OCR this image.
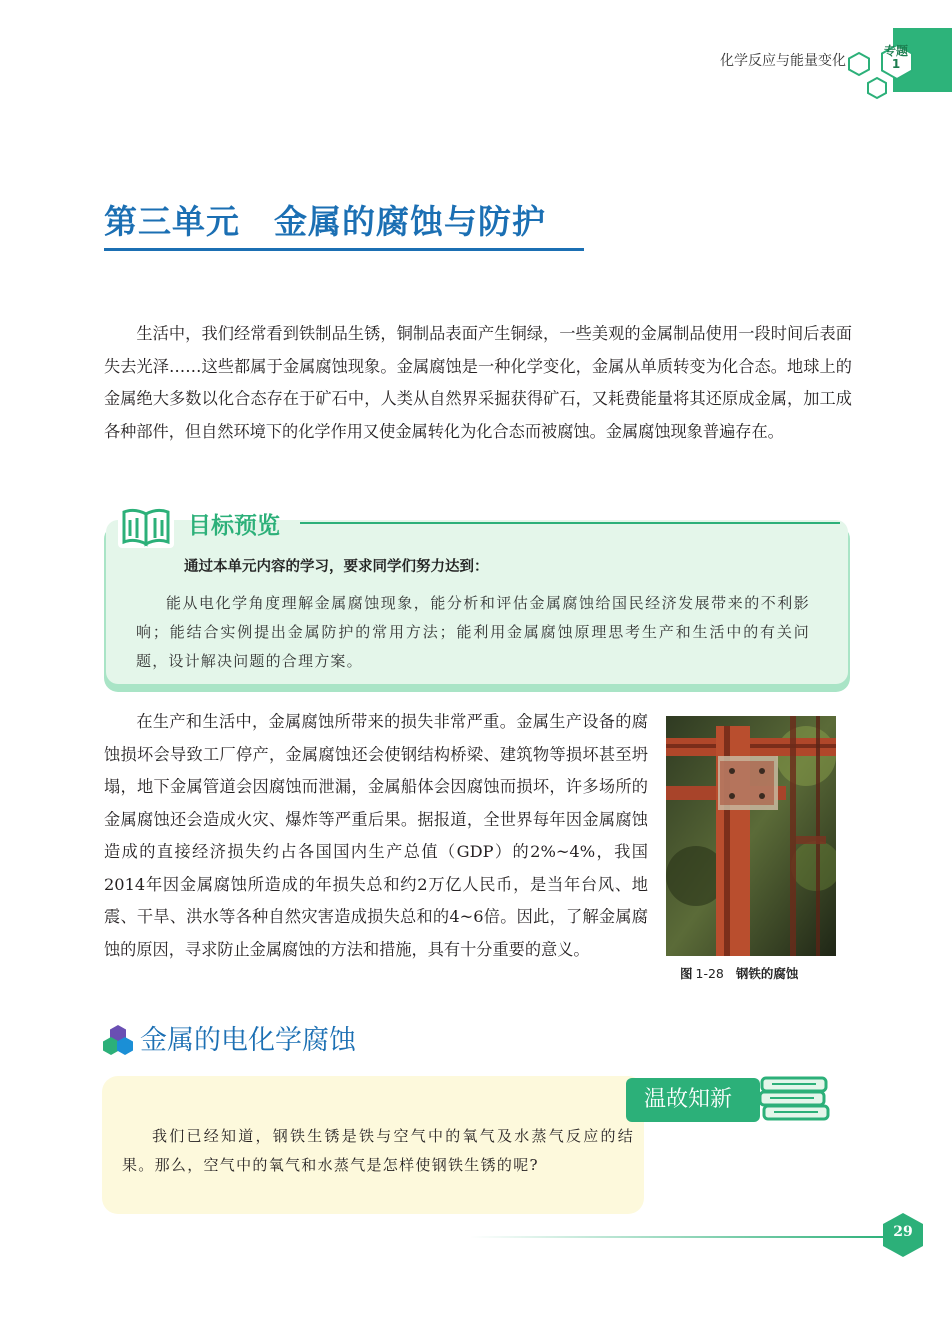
化学反应与能量变化
专题
1
第三单元　金属的腐蚀与防护
生活中，我们经常看到铁制品生锈，铜制品表面产生铜绿，一些美观的金属制品使用一段时间后表面失去光泽……这些都属于金属腐蚀现象。金属腐蚀是一种化学变化，金属从单质转变为化合态。地球上的金属绝大多数以化合态存在于矿石中，人类从自然界采掘获得矿石，又耗费能量将其还原成金属，加工成各种部件，但自然环境下的化学作用又使金属转化为化合态而被腐蚀。金属腐蚀现象普遍存在。
目标预览
通过本单元内容的学习，要求同学们努力达到：
能从电化学角度理解金属腐蚀现象，能分析和评估金属腐蚀给国民经济发展带来的不利影响；能结合实例提出金属防护的常用方法；能利用金属腐蚀原理思考生产和生活中的有关问题，设计解决问题的合理方案。
在生产和生活中，金属腐蚀所带来的损失非常严重。金属生产设备的腐蚀损坏会导致工厂停产，金属腐蚀还会使钢结构桥梁、建筑物等损坏甚至坍塌，地下金属管道会因腐蚀而泄漏，金属船体会因腐蚀而损坏，许多场所的金属腐蚀还会造成火灾、爆炸等严重后果。据报道，全世界每年因金属腐蚀造成的直接经济损失约占各国国内生产总值（GDP）的2%~4%，我国2014年因金属腐蚀所造成的年损失总和约2万亿人民币，是当年台风、地震、干旱、洪水等各种自然灾害造成损失总和的4~6倍。因此，了解金属腐蚀的原因，寻求防止金属腐蚀的方法和措施，具有十分重要的意义。
图 1-28 钢铁的腐蚀
金属的电化学腐蚀
温故知新
我们已经知道，钢铁生锈是铁与空气中的氧气及水蒸气反应的结果。那么，空气中的氧气和水蒸气是怎样使钢铁生锈的呢?
29
